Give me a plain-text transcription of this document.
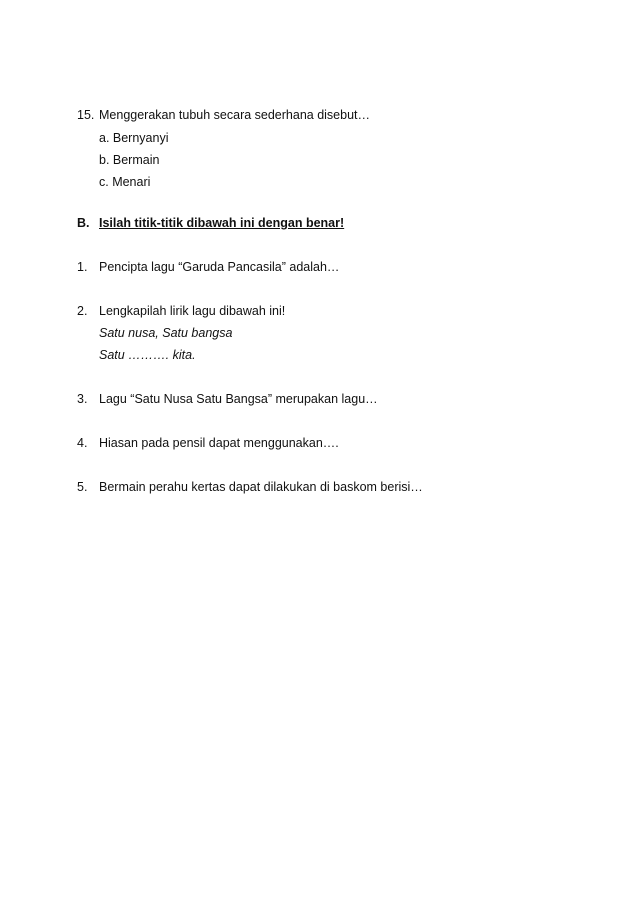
15. Menggerakan tubuh secara sederhana disebut…
a. Bernyanyi
b. Bermain
c. Menari
B. Isilah titik-titik dibawah ini dengan benar!
1. Pencipta lagu “Garuda Pancasila” adalah…
2. Lengkapilah lirik lagu dibawah ini!
Satu nusa, Satu bangsa
Satu ………. kita.
3. Lagu “Satu Nusa Satu Bangsa” merupakan lagu…
4. Hiasan pada pensil dapat menggunakan….
5. Bermain perahu kertas dapat dilakukan di baskom berisi…
